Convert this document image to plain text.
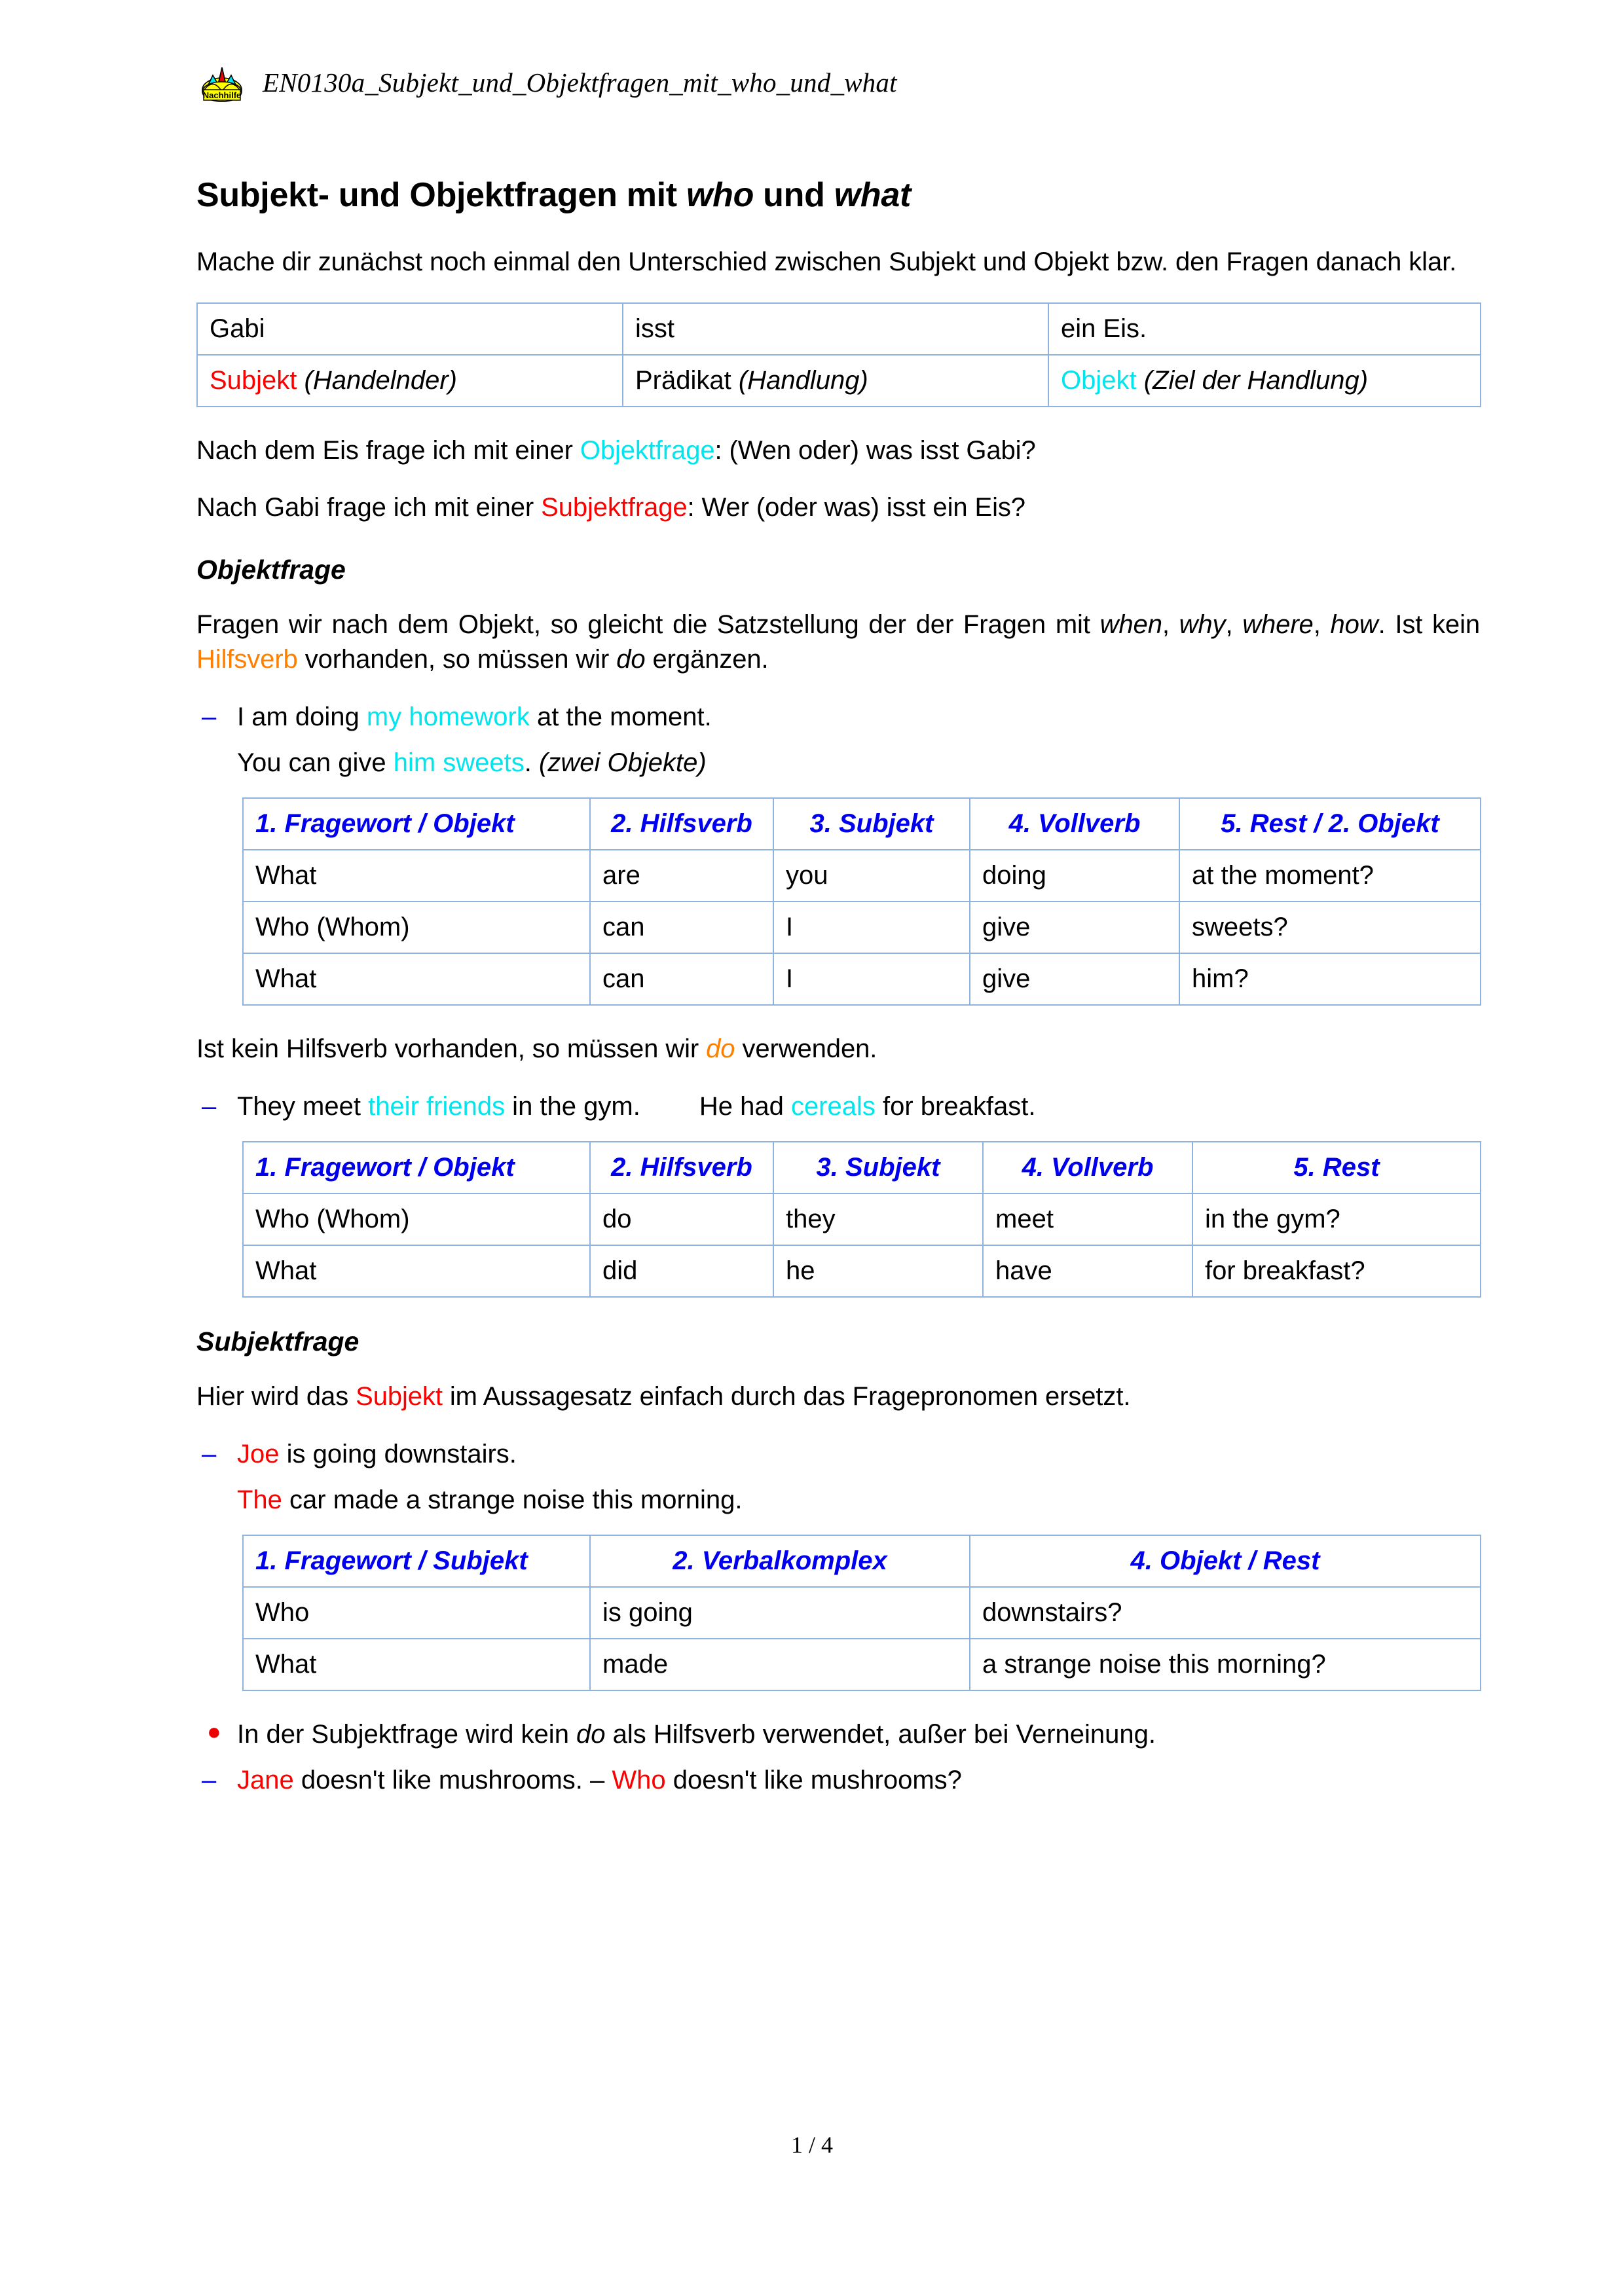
Nachhilfe EN0130a_Subjekt_und_Objektfragen_mit_who_und_what
Subjekt- und Objektfragen mit who und what

Mache dir zunächst noch einmal den Unterschied zwischen Subjekt und Objekt bzw. den Fragen danach klar.

Gabi	isst	ein Eis.
Subjekt (Handelnder)	Prädikat (Handlung)	Objekt (Ziel der Handlung)

Nach dem Eis frage ich mit einer Objektfrage: (Wen oder) was isst Gabi?

Nach Gabi frage ich mit einer Subjektfrage: Wer (oder was) isst ein Eis?

Objektfrage

Fragen wir nach dem Objekt, so gleicht die Satzstellung der der Fragen mit when, why, where, how. Ist kein Hilfsverb vorhanden, so müssen wir do ergänzen.

– I am doing my homework at the moment.
You can give him sweets. (zwei Objekte)
1. Fragewort / Objekt	2. Hilfsverb	3. Subjekt	4. Vollverb	5. Rest / 2. Objekt
What	are	you	doing	at the moment?
Who (Whom)	can	I	give	sweets?
What	can	I	give	him?

Ist kein Hilfsverb vorhanden, so müssen wir do verwenden.

– They meet their friends in the gym. He had cereals for breakfast.
1. Fragewort / Objekt	2. Hilfsverb	3. Subjekt	4. Vollverb	5. Rest
Who (Whom)	do	they	meet	in the gym?
What	did	he	have	for breakfast?
Subjektfrage

Hier wird das Subjekt im Aussagesatz einfach durch das Fragepronomen ersetzt.

– Joe is going downstairs.
The car made a strange noise this morning.
1. Fragewort / Subjekt	2. Verbalkomplex	4. Objekt / Rest
Who	is going	downstairs?
What	made	a strange noise this morning?
● In der Subjektfrage wird kein do als Hilfsverb verwendet, außer bei Verneinung.
– Jane doesn't like mushrooms. – Who doesn't like mushrooms?
1 / 4
